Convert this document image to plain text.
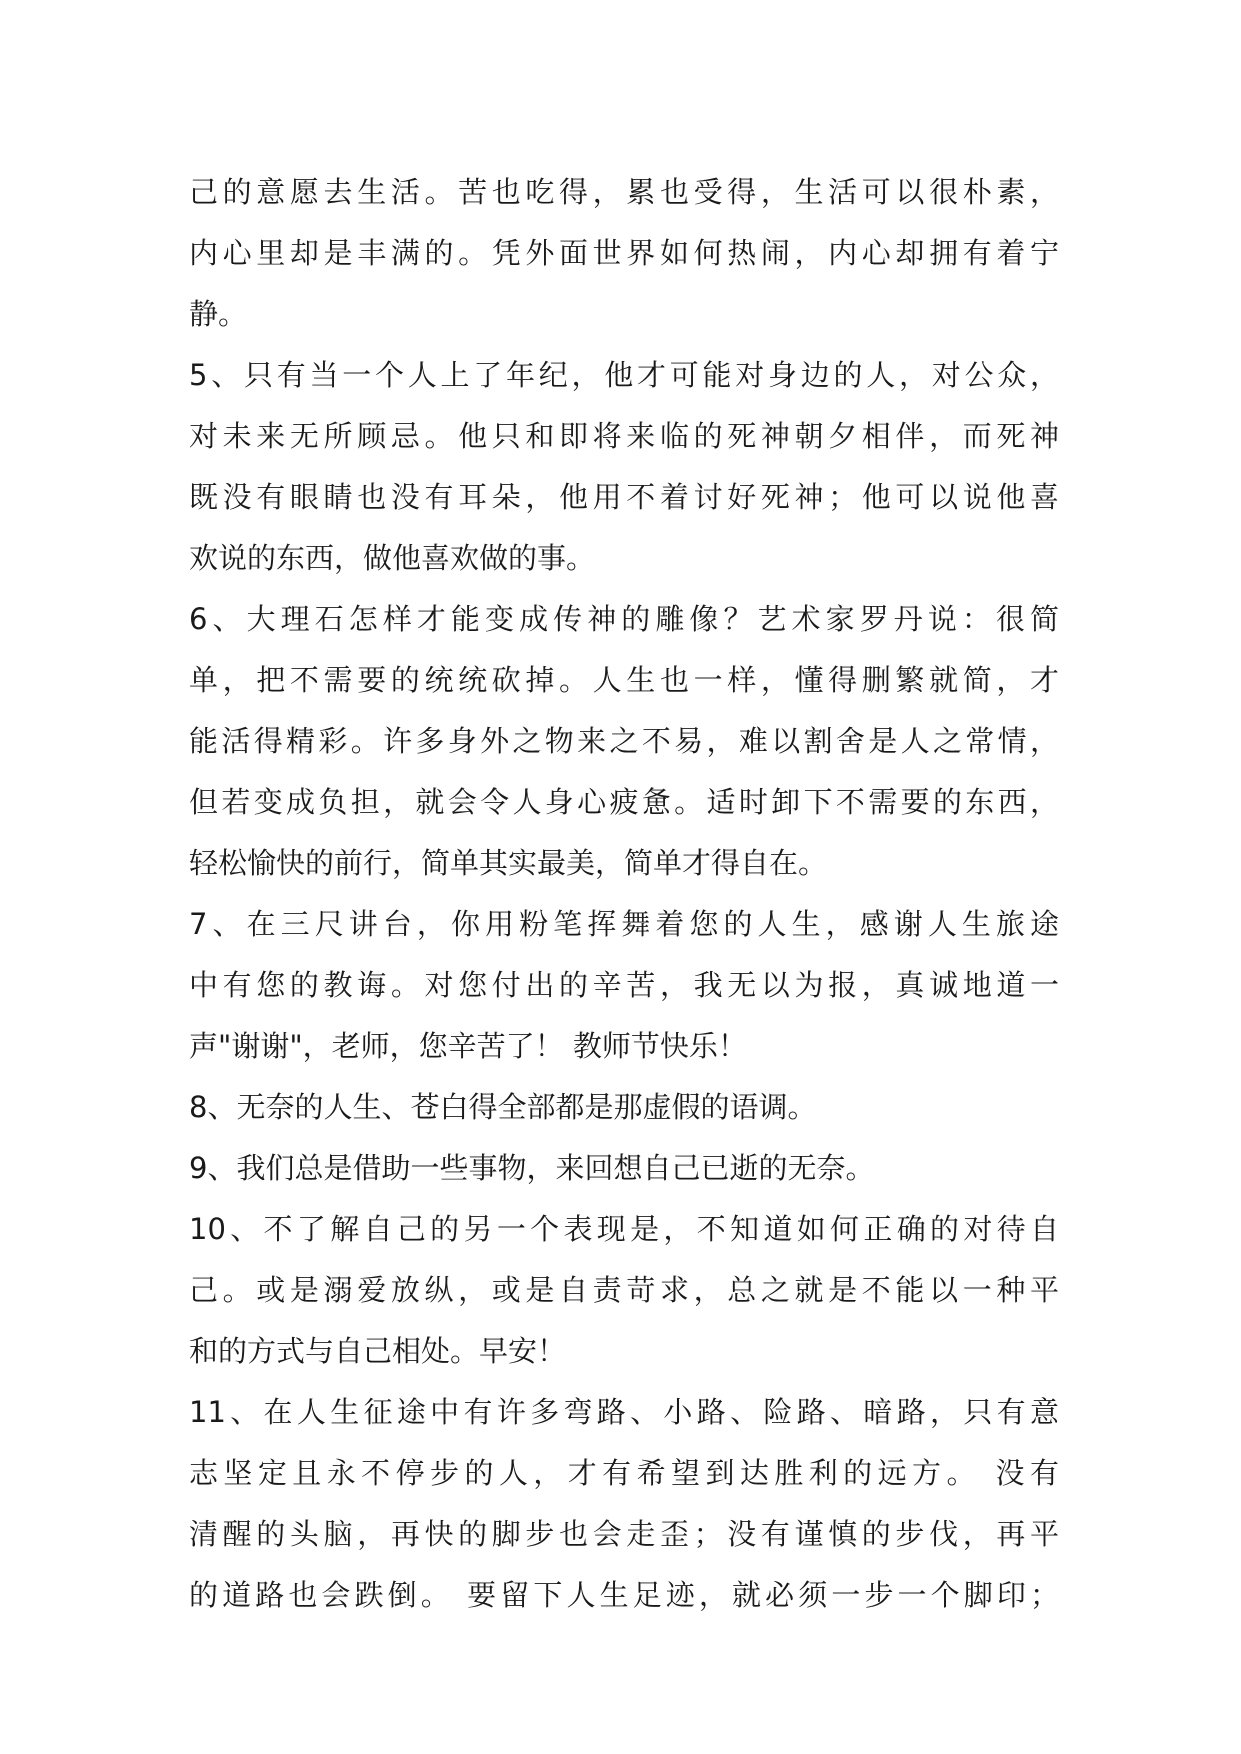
己的意愿去生活。苦也吃得，累也受得，生活可以很朴素，
内心里却是丰满的。凭外面世界如何热闹，内心却拥有着宁
静。
5、只有当一个人上了年纪，他才可能对身边的人，对公众，
对未来无所顾忌。他只和即将来临的死神朝夕相伴，而死神
既没有眼睛也没有耳朵，他用不着讨好死神；他可以说他喜
欢说的东西，做他喜欢做的事。
6、大理石怎样才能变成传神的雕像？艺术家罗丹说：很简
单，把不需要的统统砍掉。人生也一样，懂得删繁就简，才
能活得精彩。许多身外之物来之不易，难以割舍是人之常情，
但若变成负担，就会令人身心疲惫。适时卸下不需要的东西，
轻松愉快的前行，简单其实最美，简单才得自在。
7、在三尺讲台，你用粉笔挥舞着您的人生，感谢人生旅途
中有您的教诲。对您付出的辛苦，我无以为报，真诚地道一
声"谢谢"，老师，您辛苦了！ 教师节快乐！
8、无奈的人生、苍白得全部都是那虚假的语调。
9、我们总是借助一些事物，来回想自己已逝的无奈。
10、不了解自己的另一个表现是，不知道如何正确的对待自
己。或是溺爱放纵，或是自责苛求，总之就是不能以一种平
和的方式与自己相处。早安！
11、在人生征途中有许多弯路、小路、险路、暗路，只有意
志坚定且永不停步的人，才有希望到达胜利的远方。 没有
清醒的头脑，再快的脚步也会走歪；没有谨慎的步伐，再平
的道路也会跌倒。 要留下人生足迹，就必须一步一个脚印；
